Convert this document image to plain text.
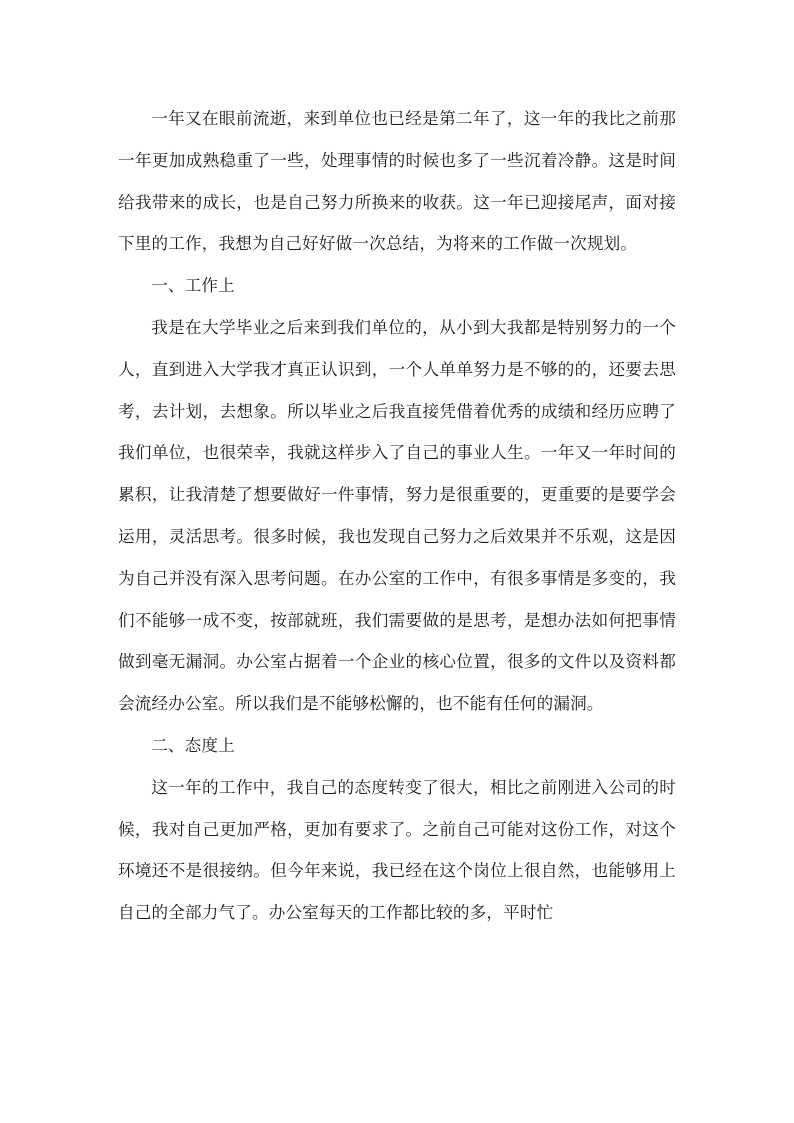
一年又在眼前流逝，来到单位也已经是第二年了，这一年的我比之前那一年更加成熟稳重了一些，处理事情的时候也多了一些沉着冷静。这是时间给我带来的成长，也是自己努力所换来的收获。这一年已迎接尾声，面对接下里的工作，我想为自己好好做一次总结，为将来的工作做一次规划。

一、工作上

我是在大学毕业之后来到我们单位的，从小到大我都是特别努力的一个人，直到进入大学我才真正认识到，一个人单单努力是不够的的，还要去思考，去计划，去想象。所以毕业之后我直接凭借着优秀的成绩和经历应聘了我们单位，也很荣幸，我就这样步入了自己的事业人生。一年又一年时间的累积，让我清楚了想要做好一件事情，努力是很重要的，更重要的是要学会运用，灵活思考。很多时候，我也发现自己努力之后效果并不乐观，这是因为自己并没有深入思考问题。在办公室的工作中，有很多事情是多变的，我们不能够一成不变，按部就班，我们需要做的是思考，是想办法如何把事情做到毫无漏洞。办公室占据着一个企业的核心位置，很多的文件以及资料都会流经办公室。所以我们是不能够松懈的，也不能有任何的漏洞。

二、态度上

这一年的工作中，我自己的态度转变了很大，相比之前刚进入公司的时候，我对自己更加严格，更加有要求了。之前自己可能对这份工作，对这个环境还不是很接纳。但今年来说，我已经在这个岗位上很自然，也能够用上自己的全部力气了。办公室每天的工作都比较的多，平时忙
